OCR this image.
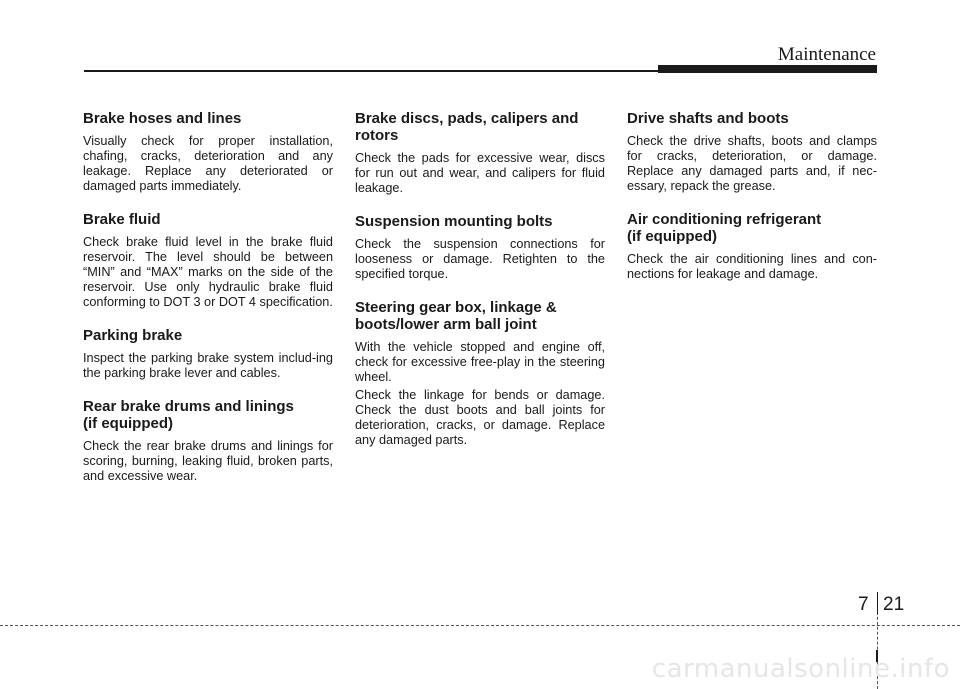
Maintenance
Brake hoses and lines

Visually check for proper installation, chafing, cracks, deterioration and any leakage. Replace any deteriorated or damaged parts immediately.

Brake fluid

Check brake fluid level in the brake fluid reservoir. The level should be between “MIN” and “MAX” marks on the side of the reservoir. Use only hydraulic brake fluid conforming to DOT 3 or DOT 4 specification.

Parking brake

Inspect the parking brake system includ-ing the parking brake lever and cables.

Rear brake drums and linings (if equipped)

Check the rear brake drums and linings for scoring, burning, leaking fluid, broken parts, and excessive wear.

Brake discs, pads, calipers and rotors

Check the pads for excessive wear, discs for run out and wear, and calipers for fluid leakage.

Suspension mounting bolts

Check the suspension connections for looseness or damage. Retighten to the specified torque.

Steering gear box, linkage & boots/lower arm ball joint

With the vehicle stopped and engine off, check for excessive free-play in the steering wheel.

Check the linkage for bends or damage. Check the dust boots and ball joints for deterioration, cracks, or damage. Replace any damaged parts.

Drive shafts and boots

Check the drive shafts, boots and clamps for cracks, deterioration, or damage. Replace any damaged parts and, if nec-essary, repack the grease.

Air conditioning refrigerant (if equipped)

Check the air conditioning lines and con-nections for leakage and damage.

7 21
carmanualsonline.info
